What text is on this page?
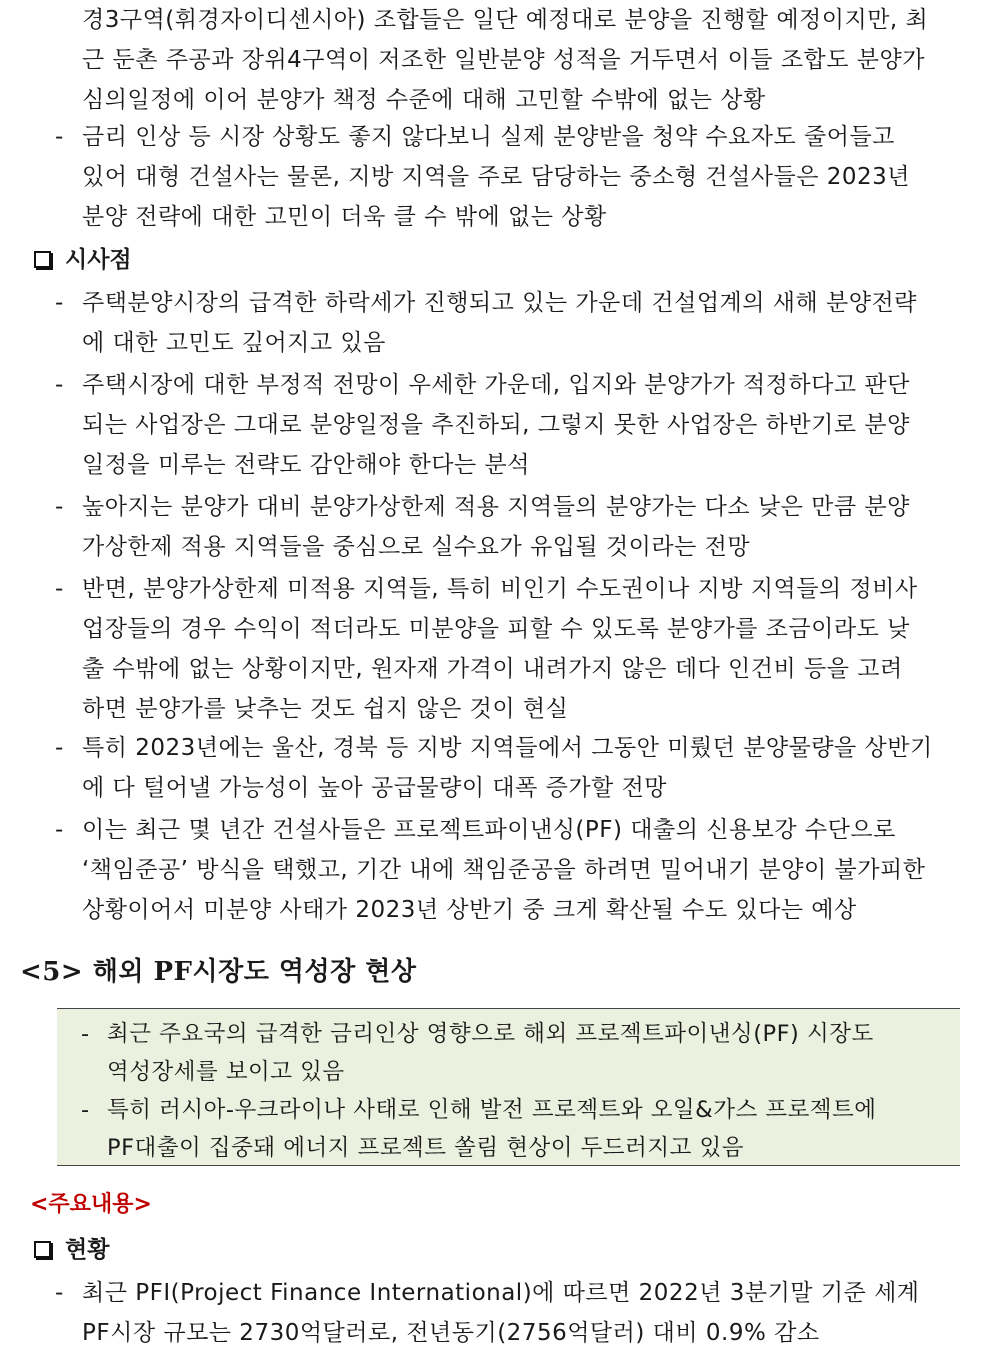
경3구역(휘경자이디센시아) 조합들은 일단 예정대로 분양을 진행할 예정이지만, 최
근 둔촌 주공과 장위4구역이 저조한 일반분양 성적을 거두면서 이들 조합도 분양가
심의일정에 이어 분양가 책정 수준에 대해 고민할 수밖에 없는 상황
- 금리 인상 등 시장 상황도 좋지 않다보니 실제 분양받을 청약 수요자도 줄어들고
있어 대형 건설사는 물론, 지방 지역을 주로 담당하는 중소형 건설사들은 2023년
분양 전략에 대한 고민이 더욱 클 수 밖에 없는 상황
시사점
- 주택분양시장의 급격한 하락세가 진행되고 있는 가운데 건설업계의 새해 분양전략
에 대한 고민도 깊어지고 있음
- 주택시장에 대한 부정적 전망이 우세한 가운데, 입지와 분양가가 적정하다고 판단
되는 사업장은 그대로 분양일정을 추진하되, 그렇지 못한 사업장은 하반기로 분양
일정을 미루는 전략도 감안해야 한다는 분석
- 높아지는 분양가 대비 분양가상한제 적용 지역들의 분양가는 다소 낮은 만큼 분양
가상한제 적용 지역들을 중심으로 실수요가 유입될 것이라는 전망
- 반면, 분양가상한제 미적용 지역들, 특히 비인기 수도권이나 지방 지역들의 정비사
업장들의 경우 수익이 적더라도 미분양을 피할 수 있도록 분양가를 조금이라도 낮
출 수밖에 없는 상황이지만, 원자재 가격이 내려가지 않은 데다 인건비 등을 고려
하면 분양가를 낮추는 것도 쉽지 않은 것이 현실
- 특히 2023년에는 울산, 경북 등 지방 지역들에서 그동안 미뤘던 분양물량을 상반기
에 다 털어낼 가능성이 높아 공급물량이 대폭 증가할 전망
- 이는 최근 몇 년간 건설사들은 프로젝트파이낸싱(PF) 대출의 신용보강 수단으로
‘책임준공’ 방식을 택했고, 기간 내에 책임준공을 하려면 밀어내기 분양이 불가피한
상황이어서 미분양 사태가 2023년 상반기 중 크게 확산될 수도 있다는 예상
<5> 해외 PF시장도 역성장 현상
- 최근 주요국의 급격한 금리인상 영향으로 해외 프로젝트파이낸싱(PF) 시장도
역성장세를 보이고 있음
- 특히 러시아-우크라이나 사태로 인해 발전 프로젝트와 오일&가스 프로젝트에
PF대출이 집중돼 에너지 프로젝트 쏠림 현상이 두드러지고 있음
<주요내용>
현황
- 최근 PFI(Project Finance International)에 따르면 2022년 3분기말 기준 세계
PF시장 규모는 2730억달러로, 전년동기(2756억달러) 대비 0.9% 감소
